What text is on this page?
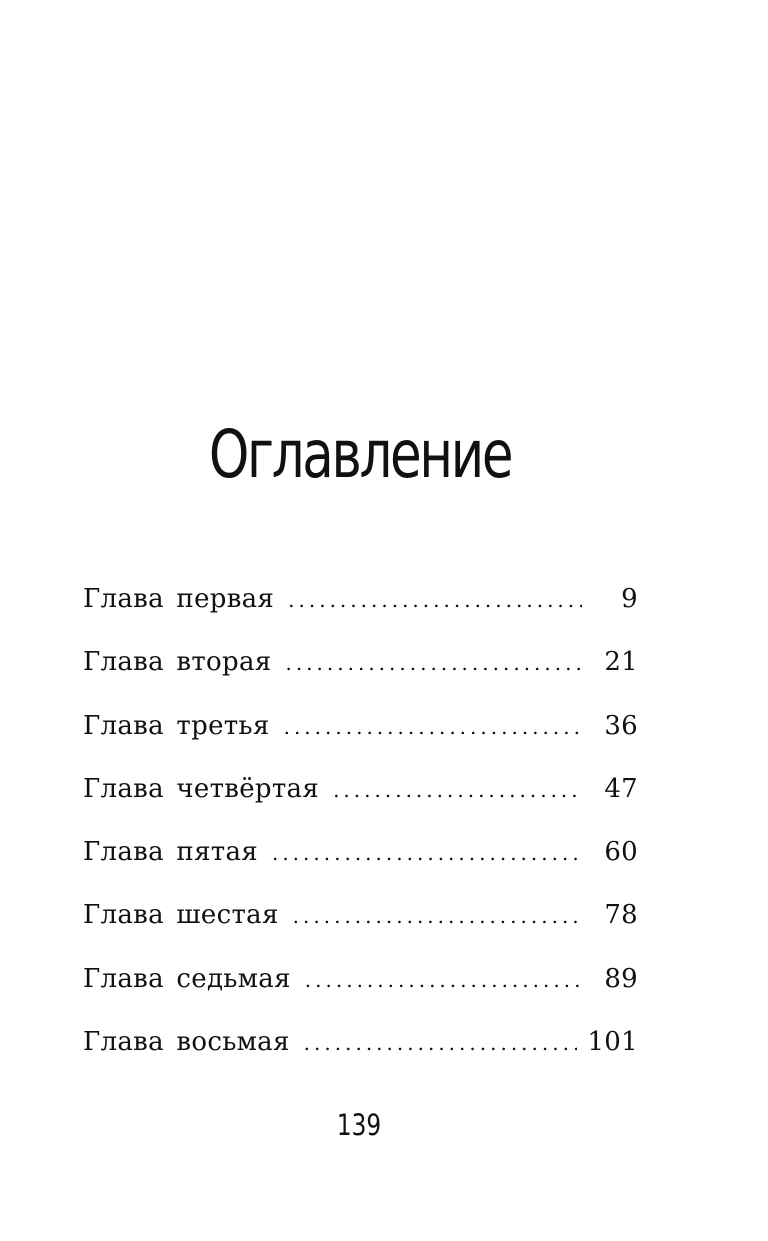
Оглавление
Глава первая .....	9
Глава вторая .....	21
Глава третья .....	36
Глава четвёртая .....	47
Глава пятая .....	60
Глава шестая .....	78
Глава седьмая .....	89
Глава восьмая .....	101
139
